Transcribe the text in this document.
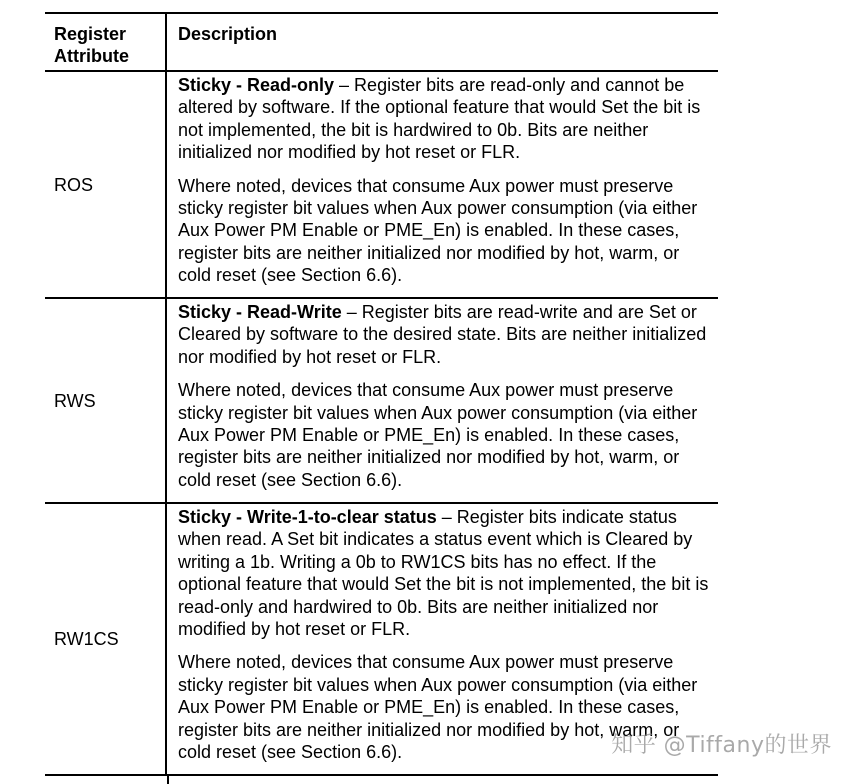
Register
Attribute
Description
ROS

Sticky - Read-only – Register bits are read-only and cannot be altered by software. If the optional feature that would Set the bit is not implemented, the bit is hardwired to 0b. Bits are neither initialized nor modified by hot reset or FLR.

Where noted, devices that consume Aux power must preserve sticky register bit values when Aux power consumption (via either Aux Power PM Enable or PME_En) is enabled. In these cases, register bits are neither initialized nor modified by hot, warm, or cold reset (see Section 6.6).

RWS

Sticky - Read-Write – Register bits are read-write and are Set or Cleared by software to the desired state. Bits are neither initialized nor modified by hot reset or FLR.

Where noted, devices that consume Aux power must preserve sticky register bit values when Aux power consumption (via either Aux Power PM Enable or PME_En) is enabled. In these cases, register bits are neither initialized nor modified by hot, warm, or cold reset (see Section 6.6).

RW1CS

Sticky - Write-1-to-clear status – Register bits indicate status when read. A Set bit indicates a status event which is Cleared by writing a 1b. Writing a 0b to RW1CS bits has no effect. If the optional feature that would Set the bit is not implemented, the bit is read-only and hardwired to 0b. Bits are neither initialized nor modified by hot reset or FLR.

Where noted, devices that consume Aux power must preserve sticky register bit values when Aux power consumption (via either Aux Power PM Enable or PME_En) is enabled. In these cases, register bits are neither initialized nor modified by hot, warm, or cold reset (see Section 6.6).	知乎 @Tiffany的世界
